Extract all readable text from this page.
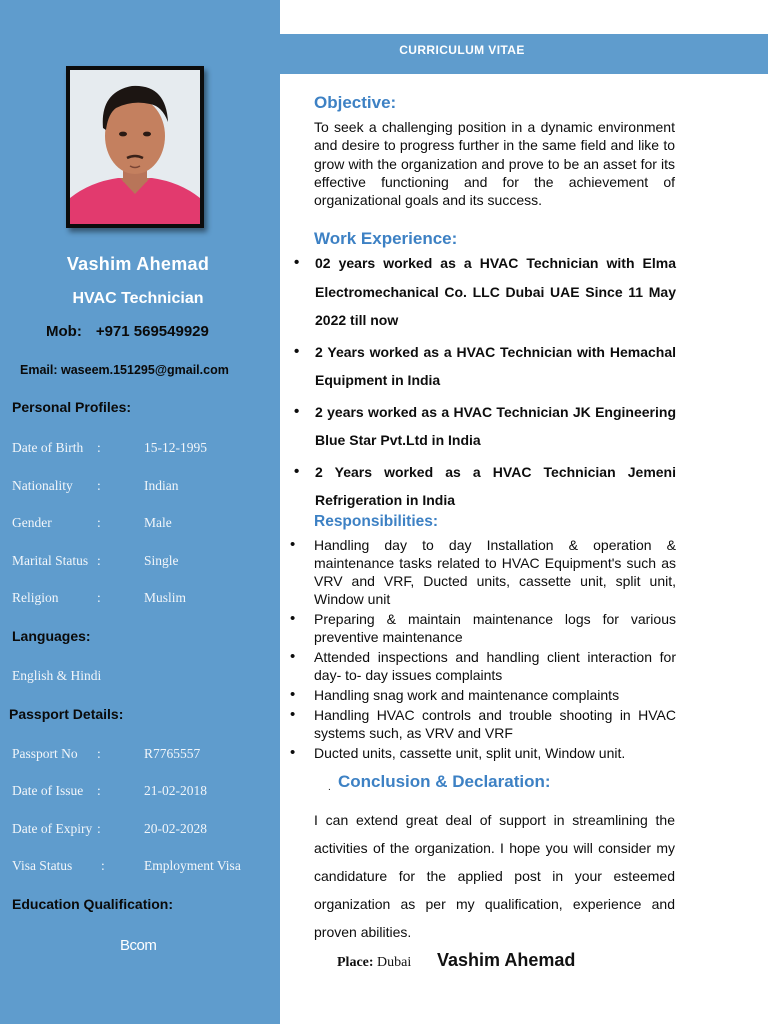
Vashim Ahemad
HVAC Technician
Mob: +971 569549929
Email: waseem.151295@gmail.com
Personal Profiles:
Date of Birth :	15-12-1995
Nationality :	Indian
Gender	:	Male
Marital Status :	Single
Religion	:	Muslim
Languages:
English & Hindi
Passport Details:
Passport No :	R7765557
Date of Issue :	21-02-2018
Date of Expiry :	20-02-2028
Visa Status :	Employment Visa
Education Qualification:
Bcom
CURRICULUM VITAE
Objective:
To seek a challenging position in a dynamic environment and desire to progress further in the same field and like to grow with the organization and prove to be an asset for its effective functioning and for the achievement of organizational goals and its success.
Work Experience:
• 02 years worked as a HVAC Technician with Elma Electromechanical Co. LLC Dubai UAE Since 11 May 2022 till now
• 2 Years worked as a HVAC Technician with Hemachal Equipment in India
• 2 years worked as a HVAC Technician JK Engineering Blue Star Pvt.Ltd in India
• 2 Years worked as a HVAC Technician Jemeni Refrigeration in India
Responsibilities:
• Handling day to day Installation & operation & maintenance tasks related to HVAC Equipment's such as VRV and VRF, Ducted units, cassette unit, split unit, Window unit
• Preparing & maintain maintenance logs for various preventive maintenance
• Attended inspections and handling client interaction for day- to- day issues complaints
• Handling snag work and maintenance complaints
• Handling HVAC controls and trouble shooting in HVAC systems such, as VRV and VRF
• Ducted units, cassette unit, split unit, Window unit.
. Conclusion & Declaration:
I can extend great deal of support in streamlining the activities of the organization. I hope you will consider my candidature for the applied post in your esteemed organization as per my qualification, experience and proven abilities.
Place: Dubai Vashim Ahemad
